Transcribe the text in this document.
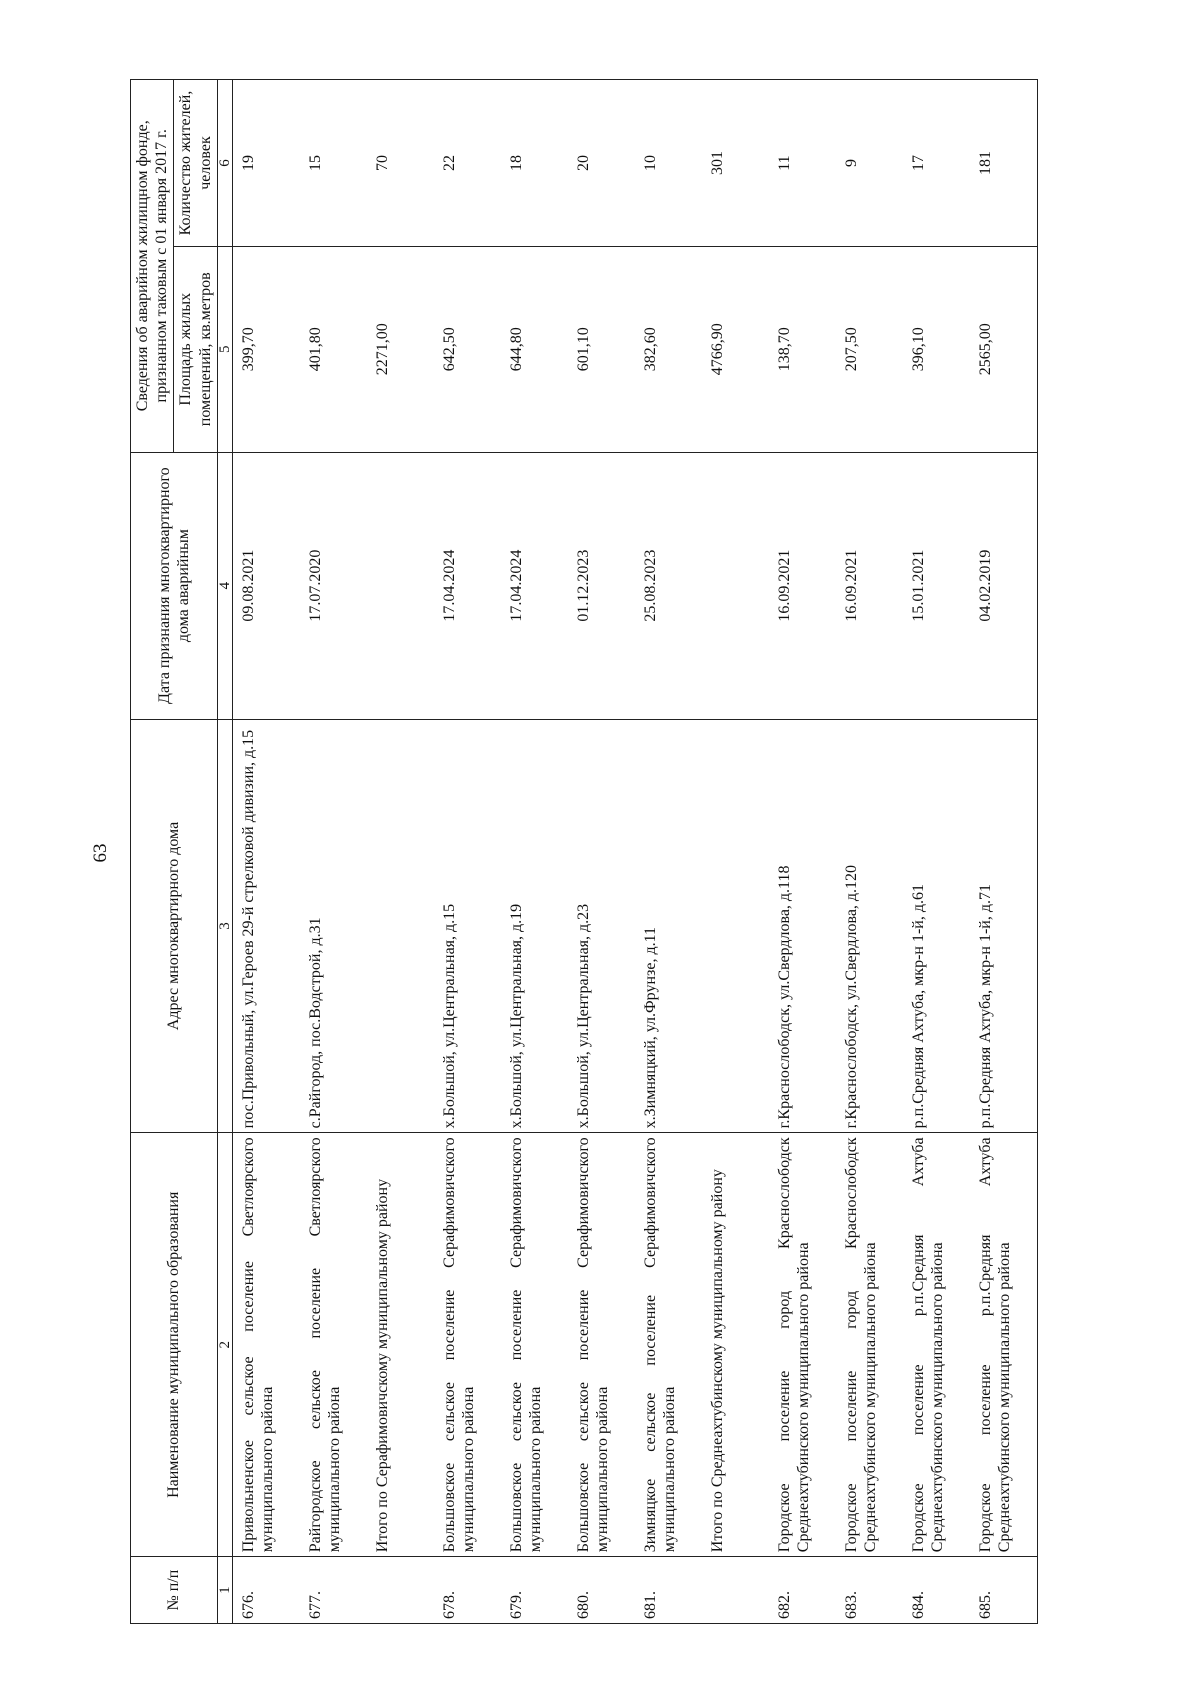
63
№ п/п	Наименование муниципального образования	Адрес многоквартирного дома	Дата признания многоквартирного дома аварийным	Сведения об аварийном жилищном фонде, признанном таковым с 01 января 2017 г.	
				Площадь жилых помещений, кв.метров	Количество жителей, человек
1	2	3	4	5	6
676.	Привольненское сельское поселение Светлоярского муниципального района	пос.Привольный, ул.Героев 29-й стрелковой дивизии, д.15	09.08.2021	399,70	19
677.	Райгородское сельское поселение Светлоярского муниципального района	с.Райгород, пос.Водстрой, д.31	17.07.2020	401,80	15
	Итого по Серафимовичскому муниципальному району			2271,00	70
678.	Большовское сельское поселение Серафимовичского муниципального района	х.Большой, ул.Центральная, д.15	17.04.2024	642,50	22
679.	Большовское сельское поселение Серафимовичского муниципального района	х.Большой, ул.Центральная, д.19	17.04.2024	644,80	18
680.	Большовское сельское поселение Серафимовичского муниципального района	х.Большой, ул.Центральная, д.23	01.12.2023	601,10	20
681.	Зимняцкое сельское поселение Серафимовичского муниципального района	х.Зимняцкий, ул.Фрунзе, д.11	25.08.2023	382,60	10
	Итого по Среднеахтубинскому муниципальному району			4766,90	301
682.	Городское поселение город Краснослободск Среднеахтубинского муниципального района	г.Краснослободск, ул.Свердлова, д.118	16.09.2021	138,70	11
683.	Городское поселение город Краснослободск Среднеахтубинского муниципального района	г.Краснослободск, ул.Свердлова, д.120	16.09.2021	207,50	9
684.	Городское поселение р.п.Средняя Ахтуба Среднеахтубинского муниципального района	р.п.Средняя Ахтуба, мкр-н 1-й, д.61	15.01.2021	396,10	17
685.	Городское поселение р.п.Средняя Ахтуба Среднеахтубинского муниципального района	р.п.Средняя Ахтуба, мкр-н 1-й, д.71	04.02.2019	2565,00	181
